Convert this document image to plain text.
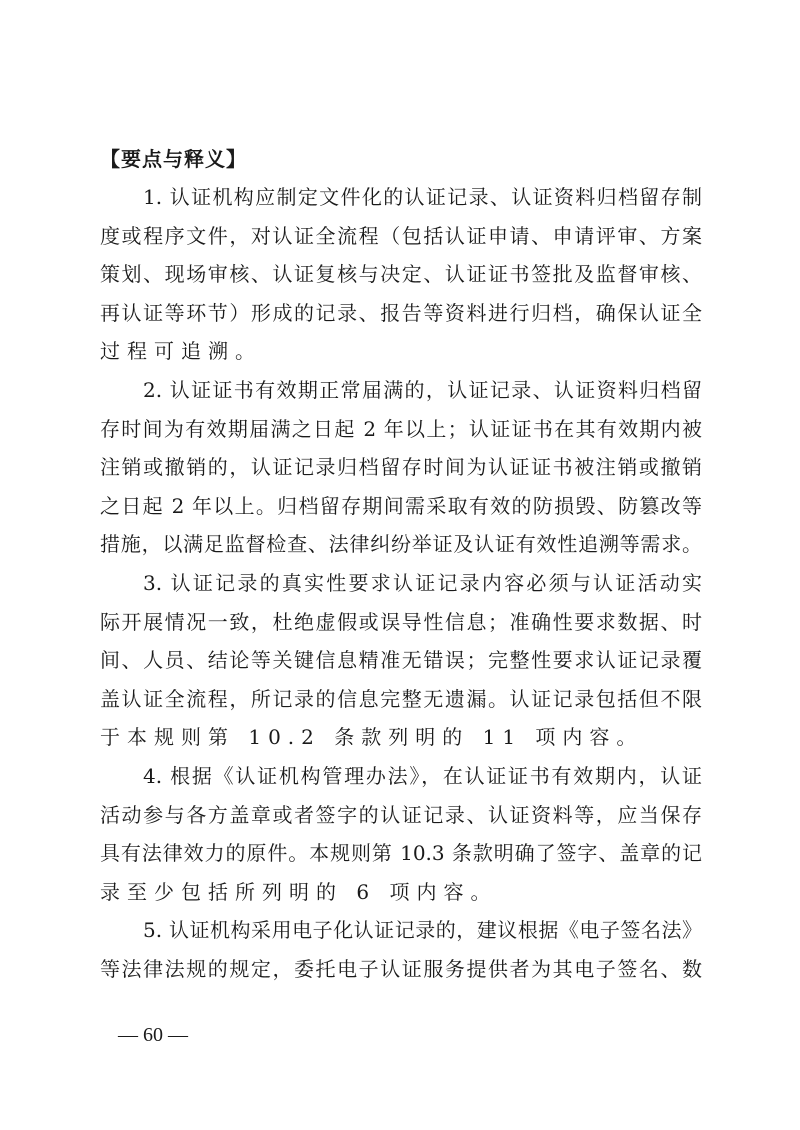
【要点与释义】
1. 认证机构应制定文件化的认证记录、认证资料归档留存制
度或程序文件，对认证全流程（包括认证申请、申请评审、方案
策划、现场审核、认证复核与决定、认证证书签批及监督审核、
再认证等环节）形成的记录、报告等资料进行归档，确保认证全
过程可追溯。
2. 认证证书有效期正常届满的，认证记录、认证资料归档留
存时间为有效期届满之日起 2 年以上；认证证书在其有效期内被
注销或撤销的，认证记录归档留存时间为认证证书被注销或撤销
之日起 2 年以上。归档留存期间需采取有效的防损毁、防篡改等
措施，以满足监督检查、法律纠纷举证及认证有效性追溯等需求。
3. 认证记录的真实性要求认证记录内容必须与认证活动实
际开展情况一致，杜绝虚假或误导性信息；准确性要求数据、时
间、人员、结论等关键信息精准无错误；完整性要求认证记录覆
盖认证全流程，所记录的信息完整无遗漏。认证记录包括但不限
于本规则第 10.2 条款列明的 11 项内容。
4. 根据《认证机构管理办法》，在认证证书有效期内，认证
活动参与各方盖章或者签字的认证记录、认证资料等，应当保存
具有法律效力的原件。本规则第 10.3 条款明确了签字、盖章的记
录至少包括所列明的 6 项内容。
5. 认证机构采用电子化认证记录的，建议根据《电子签名法》
等法律法规的规定，委托电子认证服务提供者为其电子签名、数
— 60 —
